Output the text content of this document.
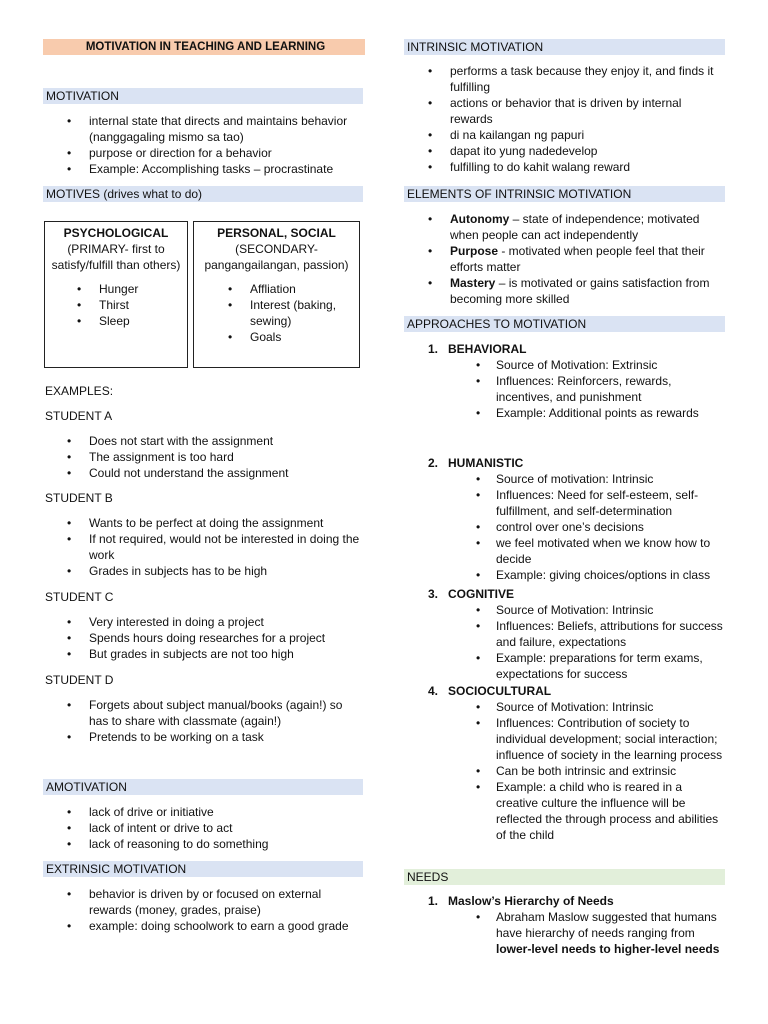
MOTIVATION IN TEACHING AND LEARNING
MOTIVATION
• internal state that directs and maintains behavior (nanggagaling mismo sa tao)
• purpose or direction for a behavior
• Example: Accomplishing tasks – procrastinate
MOTIVES (drives what to do)
PSYCHOLOGICAL
(PRIMARY- first to satisfy/fulfill than others)
• Hunger
• Thirst
• Sleep
PERSONAL, SOCIAL
(SECONDARY- pangangailangan, passion)
• Affliation
• Interest (baking, sewing)
• Goals
EXAMPLES:
STUDENT A
• Does not start with the assignment
• The assignment is too hard
• Could not understand the assignment
STUDENT B
• Wants to be perfect at doing the assignment
• If not required, would not be interested in doing the work
• Grades in subjects has to be high
STUDENT C
• Very interested in doing a project
• Spends hours doing researches for a project
• But grades in subjects are not too high
STUDENT D
• Forgets about subject manual/books (again!) so has to share with classmate (again!)
• Pretends to be working on a task
AMOTIVATION
• lack of drive or initiative
• lack of intent or drive to act
• lack of reasoning to do something
EXTRINSIC MOTIVATION
• behavior is driven by or focused on external rewards (money, grades, praise)
• example: doing schoolwork to earn a good grade
INTRINSIC MOTIVATION
• performs a task because they enjoy it, and finds it fulfilling
• actions or behavior that is driven by internal rewards
• di na kailangan ng papuri
• dapat ito yung nadedevelop
• fulfilling to do kahit walang reward
ELEMENTS OF INTRINSIC MOTIVATION
• Autonomy – state of independence; motivated when people can act independently
• Purpose - motivated when people feel that their efforts matter
• Mastery – is motivated or gains satisfaction from becoming more skilled
APPROACHES TO MOTIVATION
1. BEHAVIORAL
• Source of Motivation: Extrinsic
• Influences: Reinforcers, rewards, incentives, and punishment
• Example: Additional points as rewards
2. HUMANISTIC
• Source of motivation: Intrinsic
• Influences: Need for self-esteem, self-fulfillment, and self-determination
• control over one’s decisions
• we feel motivated when we know how to decide
• Example: giving choices/options in class
3. COGNITIVE
• Source of Motivation: Intrinsic
• Influences: Beliefs, attributions for success and failure, expectations
• Example: preparations for term exams, expectations for success
4. SOCIOCULTURAL
• Source of Motivation: Intrinsic
• Influences: Contribution of society to individual development; social interaction; influence of society in the learning process
• Can be both intrinsic and extrinsic
• Example: a child who is reared in a creative culture the influence will be reflected the through process and abilities of the child
NEEDS
1. Maslow’s Hierarchy of Needs
• Abraham Maslow suggested that humans have hierarchy of needs ranging from lower-level needs to higher-level needs
